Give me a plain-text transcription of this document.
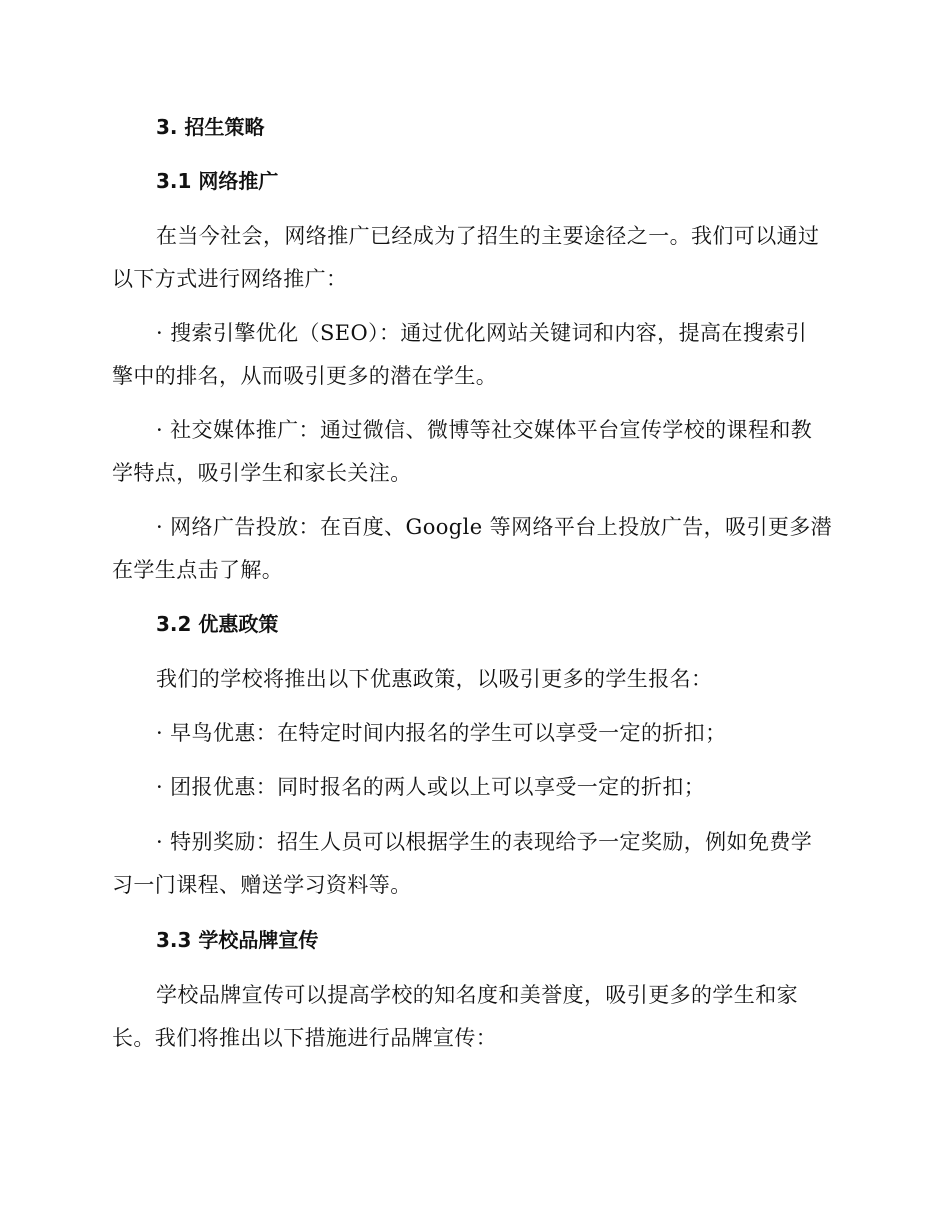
3. 招生策略
3.1 网络推广
在当今社会，网络推广已经成为了招生的主要途径之一。我们可以通过
以下方式进行网络推广：
· 搜索引擎优化（SEO）：通过优化网站关键词和内容，提高在搜索引
擎中的排名，从而吸引更多的潜在学生。
· 社交媒体推广：通过微信、微博等社交媒体平台宣传学校的课程和教
学特点，吸引学生和家长关注。
· 网络广告投放：在百度、Google 等网络平台上投放广告，吸引更多潜
在学生点击了解。
3.2 优惠政策
我们的学校将推出以下优惠政策，以吸引更多的学生报名：
· 早鸟优惠：在特定时间内报名的学生可以享受一定的折扣；
· 团报优惠：同时报名的两人或以上可以享受一定的折扣；
· 特别奖励：招生人员可以根据学生的表现给予一定奖励，例如免费学
习一门课程、赠送学习资料等。
3.3 学校品牌宣传
学校品牌宣传可以提高学校的知名度和美誉度，吸引更多的学生和家
长。我们将推出以下措施进行品牌宣传：
